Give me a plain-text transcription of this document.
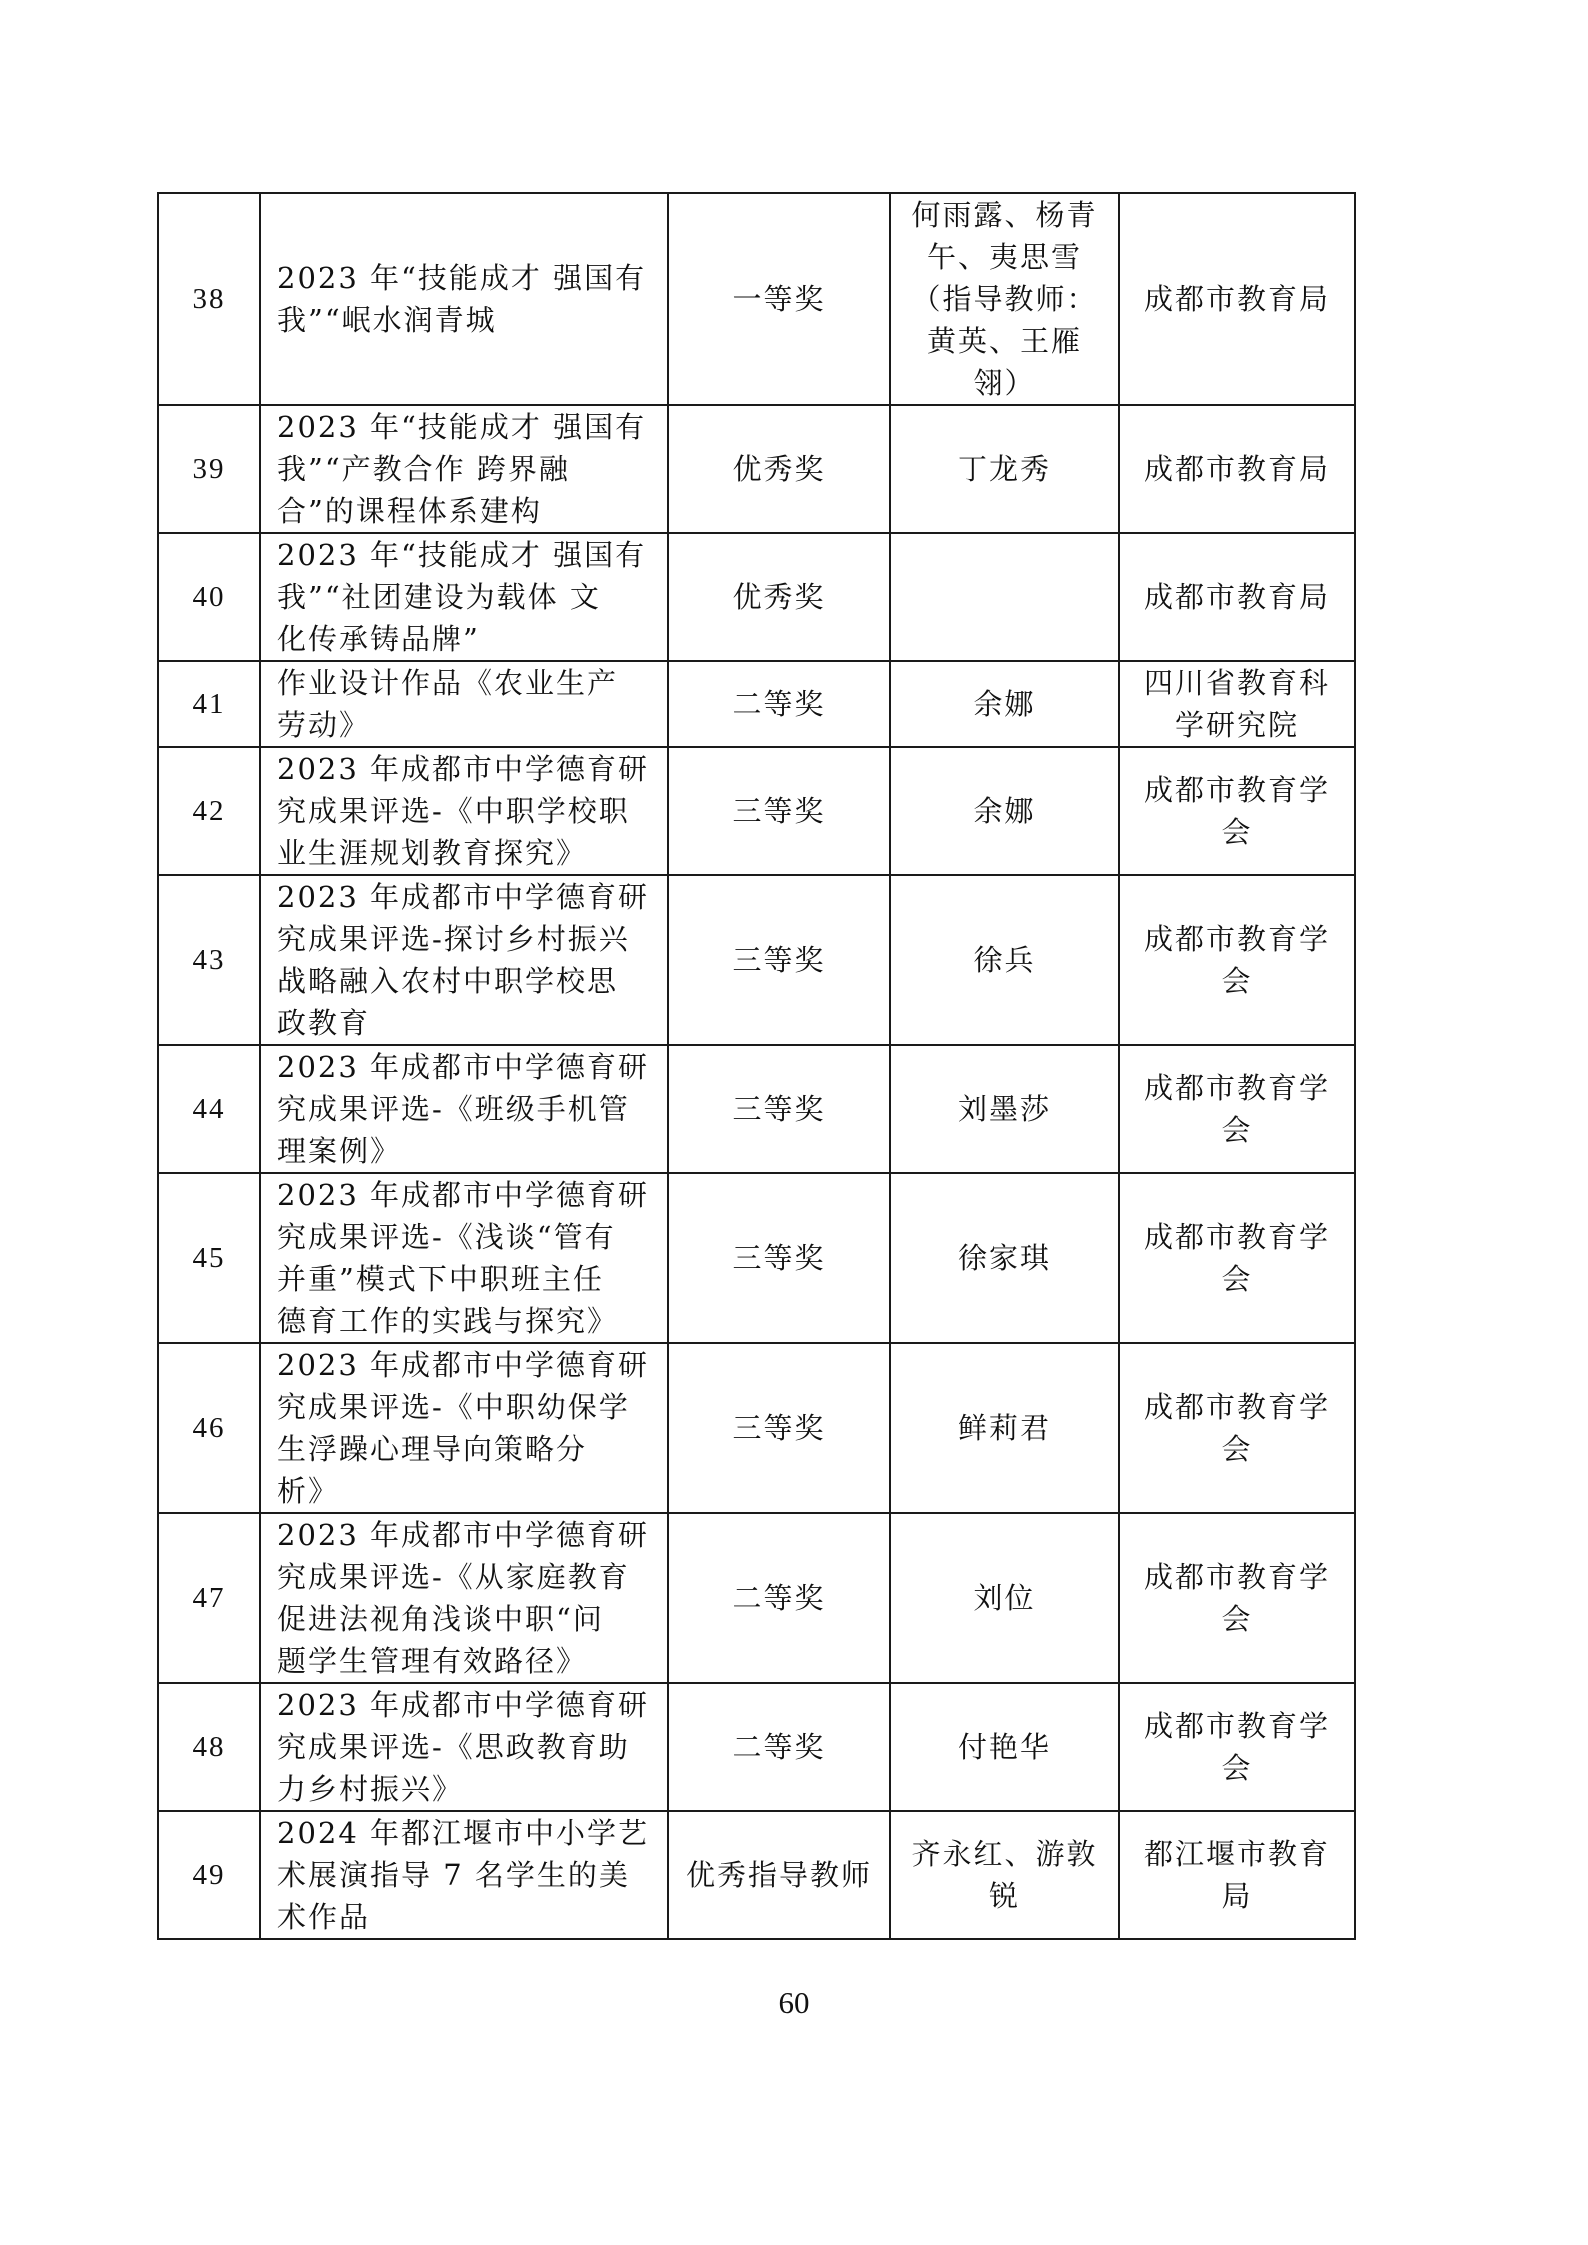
38	2023 年“技能成才 强国有
我”“岷水润青城	一等奖	何雨露、杨青
午、夷思雪
（指导教师：
黄英、王雁
翎）	成都市教育局
39	2023 年“技能成才 强国有
我”“产教合作 跨界融
合”的课程体系建构	优秀奖	丁龙秀	成都市教育局
40	2023 年“技能成才 强国有
我”“社团建设为载体 文
化传承铸品牌”	优秀奖		成都市教育局
41	作业设计作品《农业生产
劳动》	二等奖	余娜	四川省教育科
学研究院
42	2023 年成都市中学德育研
究成果评选-《中职学校职
业生涯规划教育探究》	三等奖	余娜	成都市教育学
会
43	2023 年成都市中学德育研
究成果评选-探讨乡村振兴
战略融入农村中职学校思
政教育	三等奖	徐兵	成都市教育学
会
44	2023 年成都市中学德育研
究成果评选-《班级手机管
理案例》	三等奖	刘墨莎	成都市教育学
会
45	2023 年成都市中学德育研
究成果评选-《浅谈“管有
并重”模式下中职班主任
德育工作的实践与探究》	三等奖	徐家琪	成都市教育学
会
46	2023 年成都市中学德育研
究成果评选-《中职幼保学
生浮躁心理导向策略分
析》	三等奖	鲜莉君	成都市教育学
会
47	2023 年成都市中学德育研
究成果评选-《从家庭教育
促进法视角浅谈中职“问
题学生管理有效路径》	二等奖	刘位	成都市教育学
会
48	2023 年成都市中学德育研
究成果评选-《思政教育助
力乡村振兴》	二等奖	付艳华	成都市教育学
会
49	2024 年都江堰市中小学艺
术展演指导 7 名学生的美
术作品	优秀指导教师	齐永红、游敦
锐	都江堰市教育
局
60
